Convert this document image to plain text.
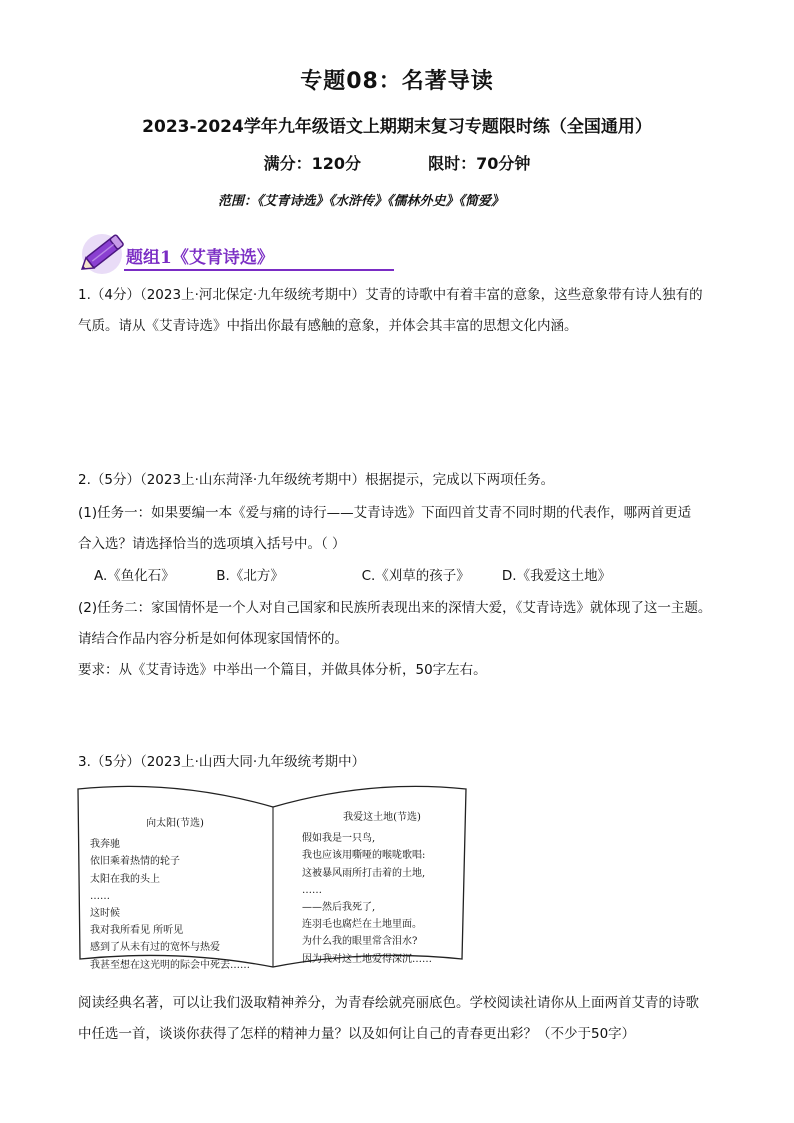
专题08：名著导读
2023-2024学年九年级语文上期期末复习专题限时练（全国通用）
满分：120分	限时：70分钟
范围：《艾青诗选》《水浒传》《儒林外史》《简爱》
题组1《艾青诗选》
1.（4分）（2023上·河北保定·九年级统考期中）艾青的诗歌中有着丰富的意象，这些意象带有诗人独有的
气质。请从《艾青诗选》中指出你最有感触的意象，并体会其丰富的思想文化内涵。
2.（5分）（2023上·山东菏泽·九年级统考期中）根据提示，完成以下两项任务。
(1)任务一：如果要编一本《爱与痛的诗行——艾青诗选》下面四首艾青不同时期的代表作，哪两首更适
合入选？请选择恰当的选项填入括号中。（ ）
A.《鱼化石》	B.《北方》	C.《刈草的孩子》 D.《我爱这土地》
(2)任务二：家国情怀是一个人对自己国家和民族所表现出来的深情大爱，《艾青诗选》就体现了这一主题。
请结合作品内容分析是如何体现家国情怀的。
要求：从《艾青诗选》中举出一个篇目，并做具体分析，50字左右。
3.（5分）（2023上·山西大同·九年级统考期中）
向太阳(节选)
我奔驰
依旧乘着热情的轮子
太阳在我的头上
……
这时候
我对我所看见 所听见
感到了从未有过的宽怀与热爱
我甚至想在这光明的际会中死去……
我爱这土地(节选)
假如我是一只鸟,
我也应该用嘶哑的喉咙歌唱:
这被暴风雨所打击着的土地,
……
——然后我死了,
连羽毛也腐烂在土地里面。
为什么我的眼里常含泪水?
因为我对这土地爱得深沉……
阅读经典名著，可以让我们汲取精神养分，为青春绘就亮丽底色。学校阅读社请你从上面两首艾青的诗歌
中任选一首，谈谈你获得了怎样的精神力量？以及如何让自己的青春更出彩？（不少于50字）
